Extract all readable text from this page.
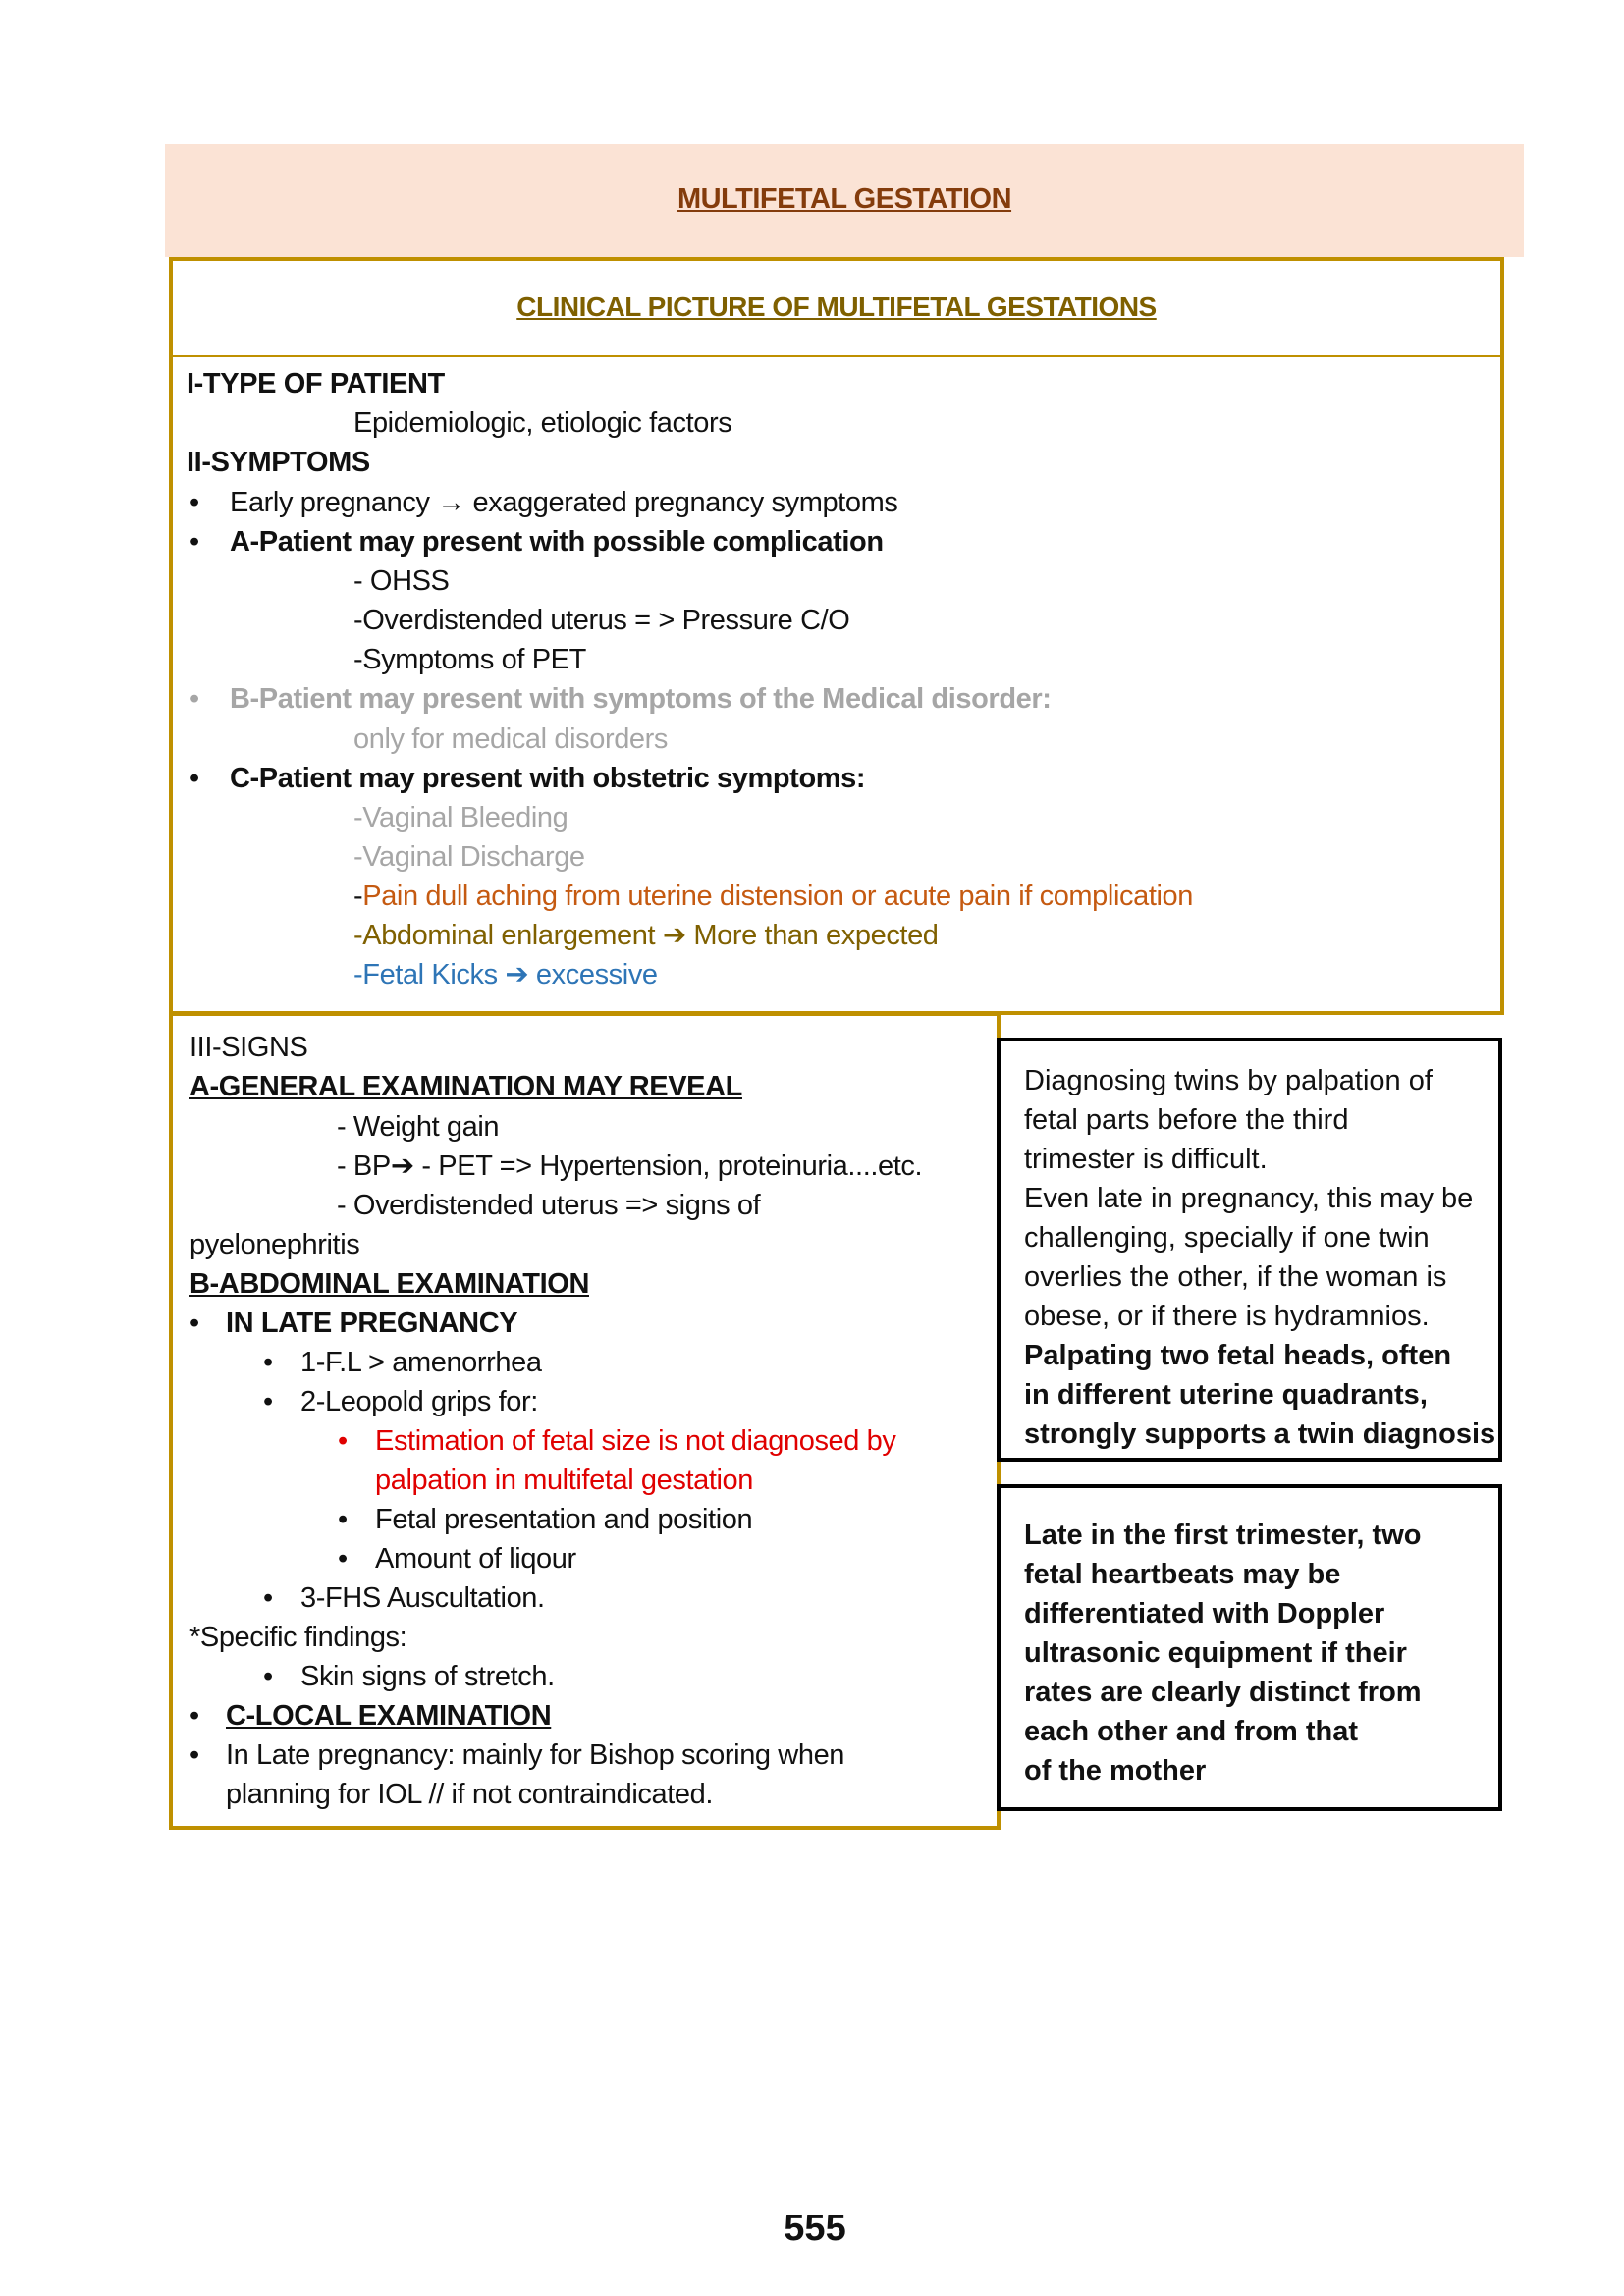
MULTIFETAL GESTATION
CLINICAL PICTURE OF MULTIFETAL GESTATIONS
I-TYPE OF PATIENT
Epidemiologic, etiologic factors
II-SYMPTOMS
• Early pregnancy → exaggerated pregnancy symptoms
• A-Patient may present with possible complication
- OHSS
-Overdistended uterus = > Pressure C/O
-Symptoms of PET
• B-Patient may present with symptoms of the Medical disorder:
only for medical disorders
• C-Patient may present with obstetric symptoms:
-Vaginal Bleeding
-Vaginal Discharge
-Pain dull aching from uterine distension or acute pain if complication
-Abdominal enlargement ➔ More than expected
-Fetal Kicks ➔ excessive
III-SIGNS
A-GENERAL EXAMINATION MAY REVEAL
- Weight gain
- BP➔ - PET => Hypertension, proteinuria....etc.
- Overdistended uterus => signs of
pyelonephritis
B-ABDOMINAL EXAMINATION
• IN LATE PREGNANCY
• 1-F.L > amenorrhea
• 2-Leopold grips for:
• Estimation of fetal size is not diagnosed by
palpation in multifetal gestation
• Fetal presentation and position
• Amount of liqour
• 3-FHS Auscultation.
*Specific findings:
• Skin signs of stretch.
• C-LOCAL EXAMINATION
• In Late pregnancy: mainly for Bishop scoring when
planning for IOL // if not contraindicated.
Diagnosing twins by palpation of
fetal parts before the third
trimester is difficult.
Even late in pregnancy, this may be
challenging, specially if one twin
overlies the other, if the woman is
obese, or if there is hydramnios.
Palpating two fetal heads, often
in different uterine quadrants,
strongly supports a twin diagnosis
Late in the first trimester, two
fetal heartbeats may be
differentiated with Doppler
ultrasonic equipment if their
rates are clearly distinct from
each other and from that
of the mother
555
